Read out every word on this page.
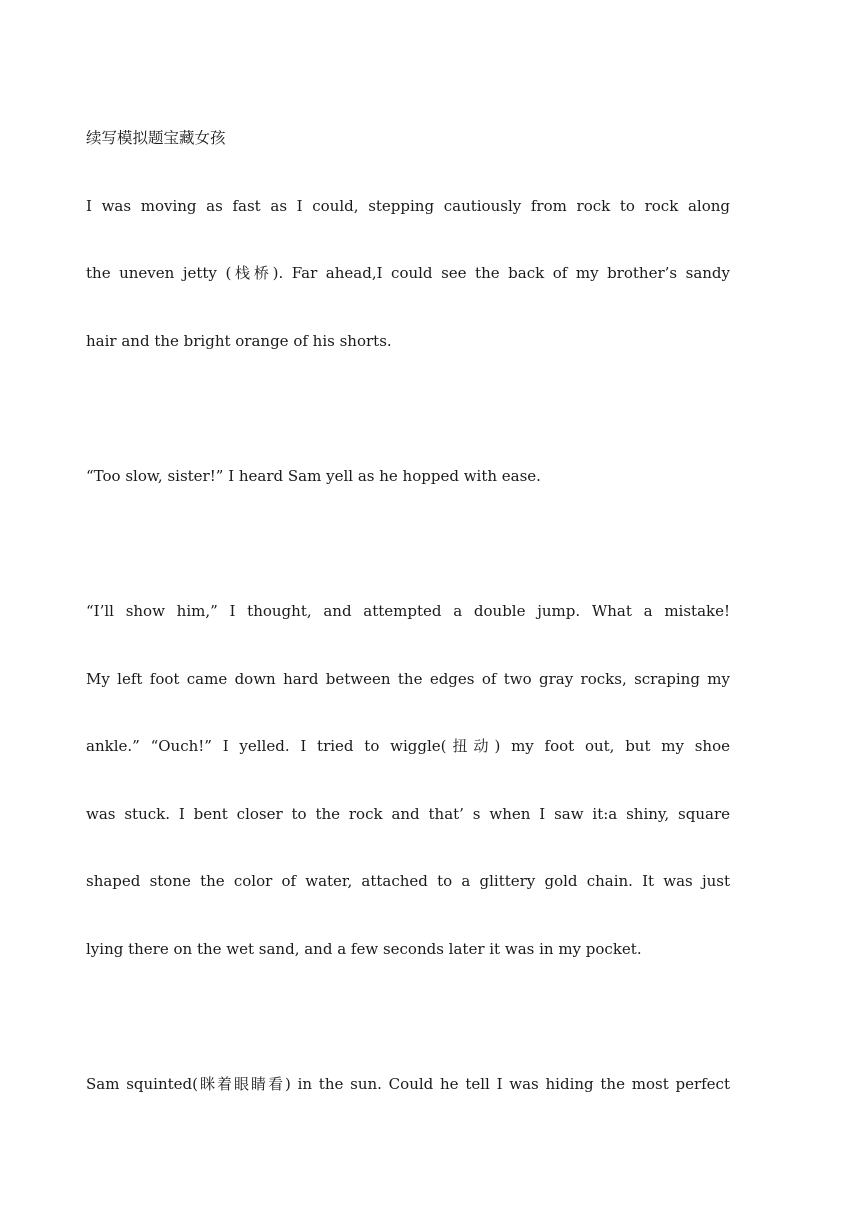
续写模拟题宝藏女孩
I was moving as fast as I could, stepping cautiously from rock to rock along
the uneven jetty (栈桥). Far ahead,I could see the back of my brother’s sandy
hair and the bright orange of his shorts.
“Too slow, sister!” I heard Sam yell as he hopped with ease.
“I’ll show him,” I thought, and attempted a double jump. What a mistake!
My left foot came down hard between the edges of two gray rocks, scraping my
ankle.” “Ouch!” I yelled. I tried to wiggle(扭动) my foot out, but my shoe
was stuck. I bent closer to the rock and that’ s when I saw it:a shiny, square
shaped stone the color of water, attached to a glittery gold chain. It was just
lying there on the wet sand, and a few seconds later it was in my pocket.
Sam squinted(眯着眼睛看) in the sun. Could he tell I was hiding the most perfect
